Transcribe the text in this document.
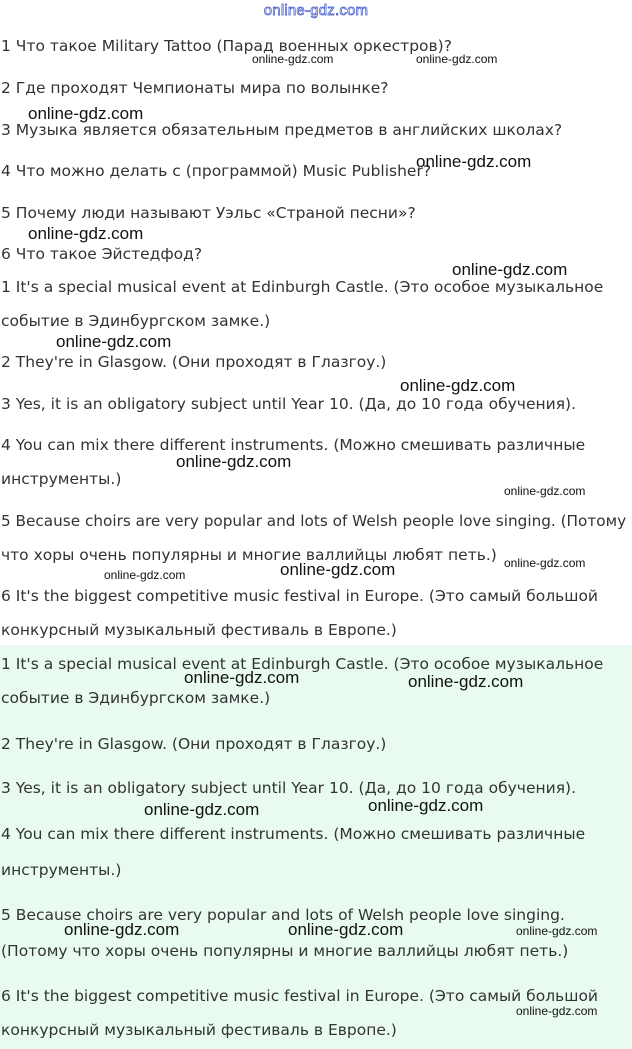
online-gdz.com
1 Что такое Military Tattoo (Парад военных оркестров)?
2 Где проходят Чемпионаты мира по волынке?
3 Музыка является обязательным предметов в английских школах?
4 Что можно делать с (программой) Music Publisher?
5 Почему люди называют Уэльс «Страной песни»?
6 Что такое Эйстедфод?
1 It's a special musical event at Edinburgh Castle. (Это особое музыкальное
событие в Эдинбургском замке.)
2 They're in Glasgow. (Они проходят в Глазгоу.)
3 Yes, it is an obligatory subject until Year 10. (Да, до 10 года обучения).
4 You can mix there different instruments. (Можно смешивать различные
инструменты.)
5 Because choirs are very popular and lots of Welsh people love singing. (Потому
что хоры очень популярны и многие валлийцы любят петь.)
6 It's the biggest competitive music festival in Europe. (Это самый большой
конкурсный музыкальный фестиваль в Европе.)
1 It's a special musical event at Edinburgh Castle. (Это особое музыкальное
событие в Эдинбургском замке.)
2 They're in Glasgow. (Они проходят в Глазгоу.)
3 Yes, it is an obligatory subject until Year 10. (Да, до 10 года обучения).
4 You can mix there different instruments. (Можно смешивать различные
инструменты.)
5 Because choirs are very popular and lots of Welsh people love singing.
(Потому что хоры очень популярны и многие валлийцы любят петь.)
6 It's the biggest competitive music festival in Europe. (Это самый большой
конкурсный музыкальный фестиваль в Европе.)
online-gdz.com	online-gdz.com
online-gdz.com
online-gdz.com
online-gdz.com
online-gdz.com
online-gdz.com
online-gdz.com
online-gdz.com
online-gdz.com
online-gdz.com
online-gdz.com
online-gdz.com
online-gdz.com	online-gdz.com
online-gdz.com
online-gdz.com
online-gdz.com	online-gdz.com	online-gdz.com
online-gdz.com
